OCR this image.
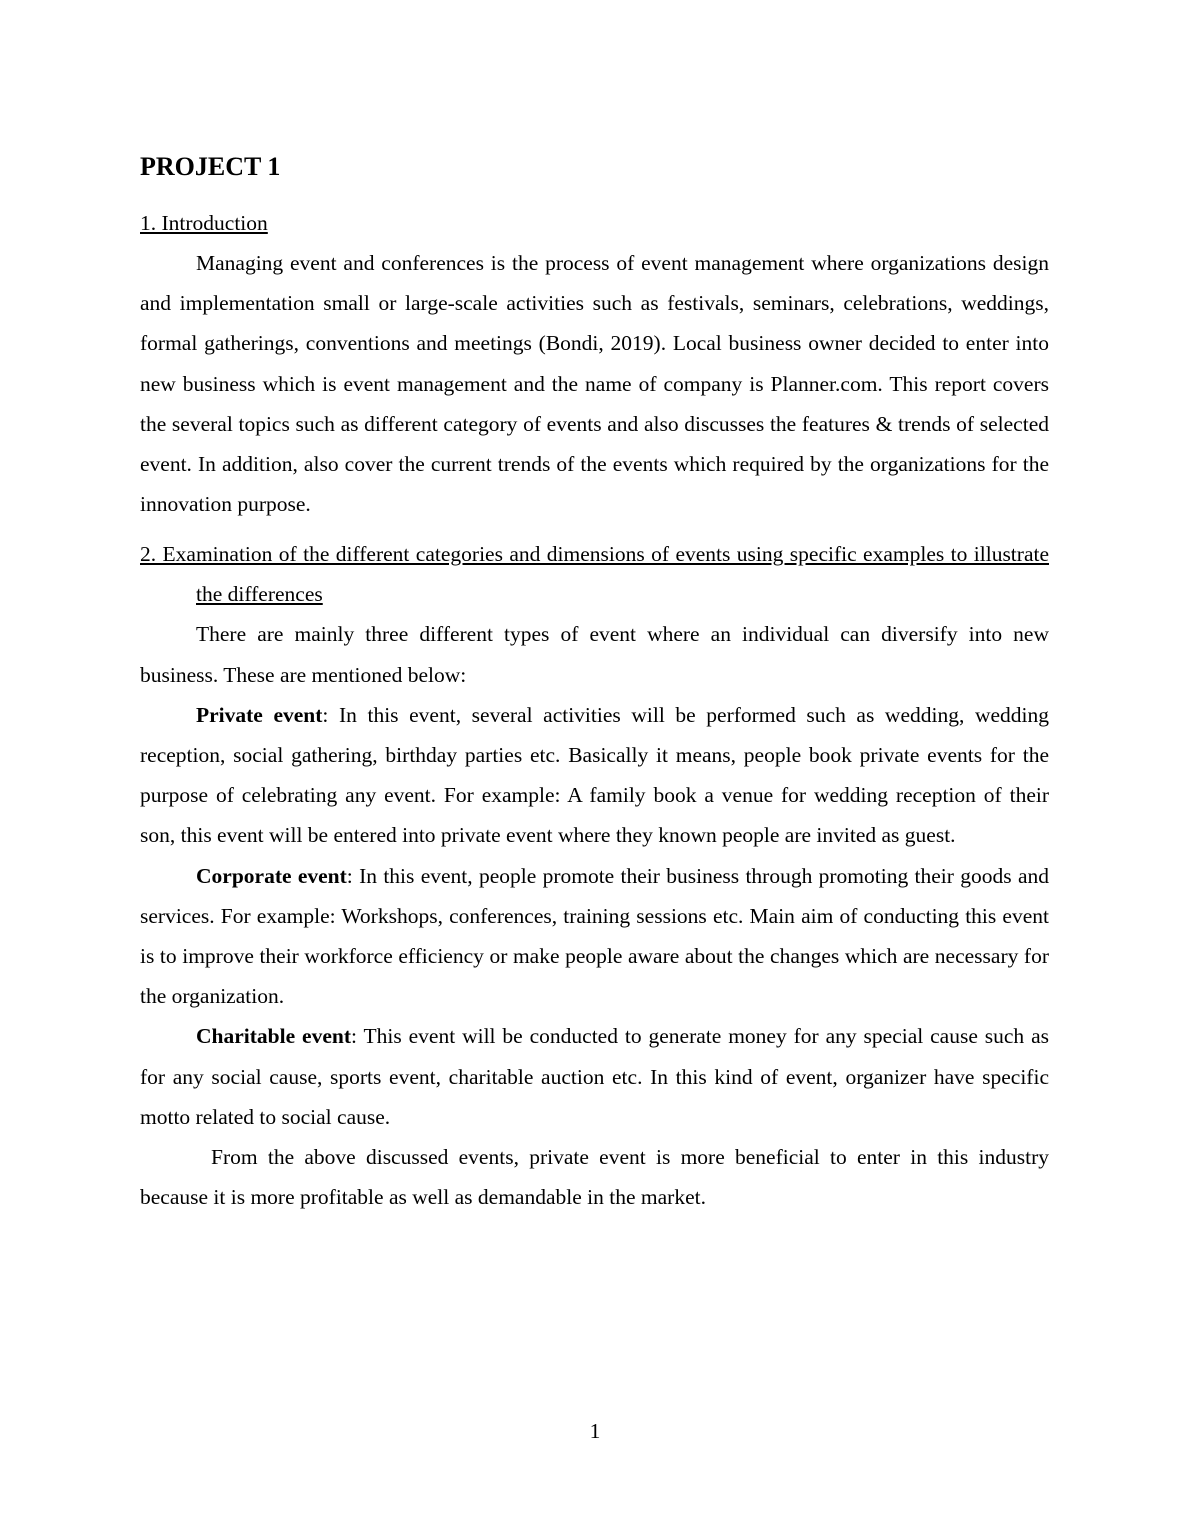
PROJECT 1
1. Introduction

Managing event and conferences is the process of event management where organizations design and implementation small or large-scale activities such as festivals, seminars, celebrations, weddings, formal gatherings, conventions and meetings (Bondi, 2019). Local business owner decided to enter into new business which is event management and the name of company is Planner.com. This report covers the several topics such as different category of events and also discusses the features & trends of selected event. In addition, also cover the current trends of the events which required by the organizations for the innovation purpose.

2. Examination of the different categories and dimensions of events using specific examples to illustrate the differences

There are mainly three different types of event where an individual can diversify into new business. These are mentioned below:

Private event: In this event, several activities will be performed such as wedding, wedding reception, social gathering, birthday parties etc. Basically it means, people book private events for the purpose of celebrating any event. For example: A family book a venue for wedding reception of their son, this event will be entered into private event where they known people are invited as guest.

Corporate event: In this event, people promote their business through promoting their goods and services. For example: Workshops, conferences, training sessions etc. Main aim of conducting this event is to improve their workforce efficiency or make people aware about the changes which are necessary for the organization.

Charitable event: This event will be conducted to generate money for any special cause such as for any social cause, sports event, charitable auction etc. In this kind of event, organizer have specific motto related to social cause.

From the above discussed events, private event is more beneficial to enter in this industry because it is more profitable as well as demandable in the market.

1
